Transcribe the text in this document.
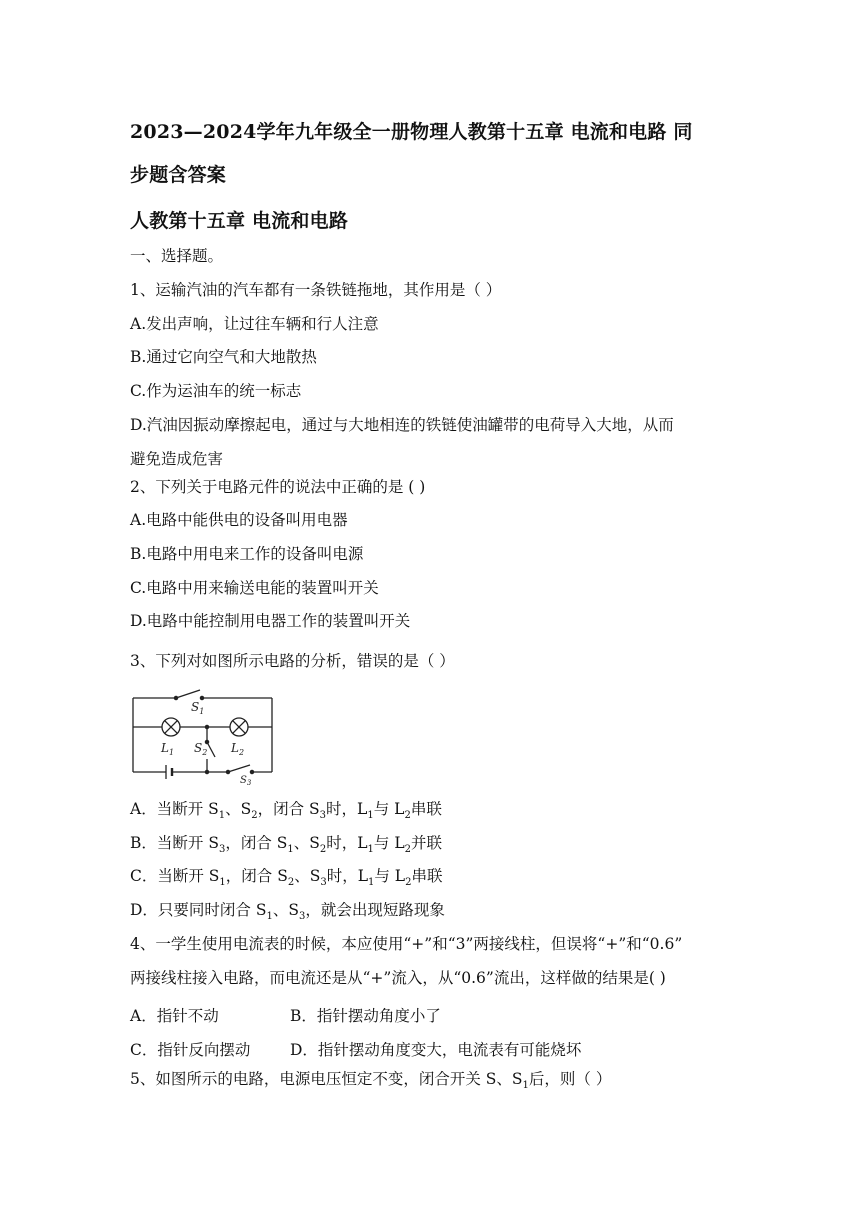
2023—2024学年九年级全一册物理人教第十五章 电流和电路 同
步题含答案
人教第十五章 电流和电路
一、选择题。
1、运输汽油的汽车都有一条铁链拖地，其作用是（ ）
A.发出声响，让过往车辆和行人注意
B.通过它向空气和大地散热
C.作为运油车的统一标志
D.汽油因振动摩擦起电，通过与大地相连的铁链使油罐带的电荷导入大地，从而
避免造成危害
2、下列关于电路元件的说法中正确的是 ( )
A.电路中能供电的设备叫用电器
B.电路中用电来工作的设备叫电源
C.电路中用来输送电能的装置叫开关
D.电路中能控制用电器工作的装置叫开关
3、下列对如图所示电路的分析，错误的是（ ）
$S_1$
$L_1$ $S_2$ $L_2$
$S_3$
A．当断开 $S_1$、$S_2$，闭合 $S_3$时，$L_1$与 $L_2$串联
B．当断开 $S_3$，闭合 $S_1$、$S_2$时，$L_1$与 $L_2$并联
C．当断开 $S_1$，闭合 $S_2$、$S_3$时，$L_1$与 $L_2$串联
D．只要同时闭合 $S_1$、$S_3$，就会出现短路现象
4、一学生使用电流表的时候，本应使用“+”和“3”两接线柱，但误将“+”和“0.6”
两接线柱接入电路，而电流还是从“+”流入，从“0.6”流出，这样做的结果是( )
A．指针不动	B．指针摆动角度小了
C．指针反向摆动	D．指针摆动角度变大，电流表有可能烧坏
5、如图所示的电路，电源电压恒定不变，闭合开关 S、$S_1$后，则（ ）
